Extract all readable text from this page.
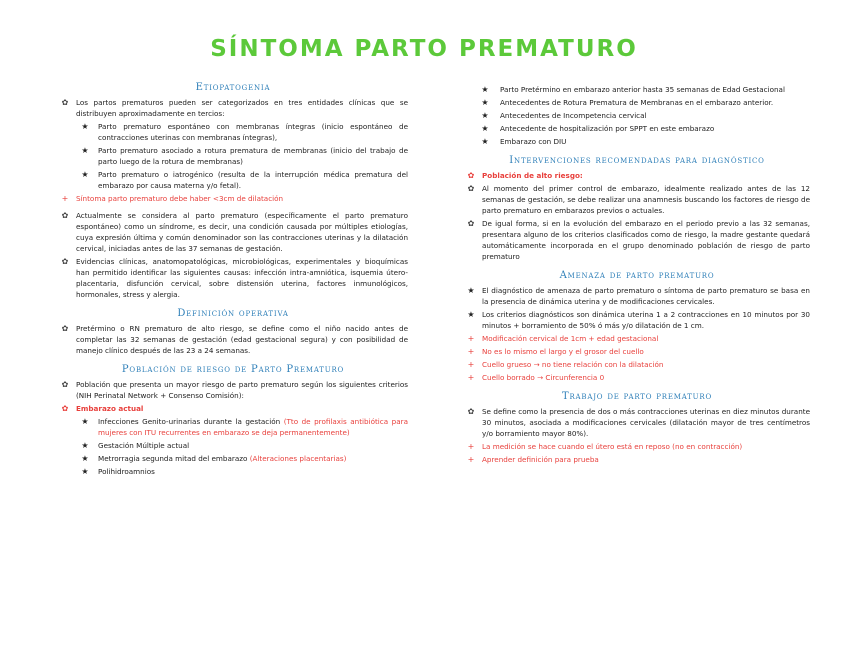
SÍNTOMA PARTO PREMATURO
Etiopatogenia
✿	Los partos prematuros pueden ser categorizados en tres entidades clínicas que se distribuyen aproximadamente en tercios:
★	Parto prematuro espontáneo con membranas íntegras (inicio espontáneo de contracciones uterinas con membranas íntegras),
★	Parto prematuro asociado a rotura prematura de membranas (inicio del trabajo de parto luego de la rotura de membranas)
★	Parto prematuro o iatrogénico (resulta de la interrupción médica prematura del embarazo por causa materna y/o fetal).
+	Síntoma parto prematuro debe haber <3cm de dilatación
✿	Actualmente se considera al parto prematuro (específicamente el parto prematuro espontáneo) como un síndrome, es decir, una condición causada por múltiples etiologías, cuya expresión última y común denominador son las contracciones uterinas y la dilatación cervical, iniciadas antes de las 37 semanas de gestación.
✿	Evidencias clínicas, anatomopatológicas, microbiológicas, experimentales y bioquímicas han permitido identificar las siguientes causas: infección intra-amniótica, isquemia útero-placentaria, disfunción cervical, sobre distensión uterina, factores inmunológicos, hormonales, stress y alergia.
Definición operativa
✿	Pretérmino o RN prematuro de alto riesgo, se define como el niño nacido antes de completar las 32 semanas de gestación (edad gestacional segura) y con posibilidad de manejo clínico después de las 23 a 24 semanas.
Población de riesgo de Parto Prematuro
✿	Población que presenta un mayor riesgo de parto prematuro según los siguientes criterios (NIH Perinatal Network + Consenso Comisión):
✿	Embarazo actual
★	Infecciones Genito-urinarias durante la gestación (Tto de profilaxis antibiótica para mujeres con ITU recurrentes en embarazo se deja permanentemente)
★	Gestación Múltiple actual
★	Metrorragia segunda mitad del embarazo (Alteraciones placentarias)
★	Polihidroamnios
★	Parto Pretérmino en embarazo anterior hasta 35 semanas de Edad Gestacional
★	Antecedentes de Rotura Prematura de Membranas en el embarazo anterior.
★	Antecedentes de Incompetencia cervical
★	Antecedente de hospitalización por SPPT en este embarazo
★	Embarazo con DIU
Intervenciones recomendadas para diagnóstico
✿	Población de alto riesgo:
✿	Al momento del primer control de embarazo, idealmente realizado antes de las 12 semanas de gestación, se debe realizar una anamnesis buscando los factores de riesgo de parto prematuro en embarazos previos o actuales.
✿	De igual forma, si en la evolución del embarazo en el periodo previo a las 32 semanas, presentara alguno de los criterios clasificados como de riesgo, la madre gestante quedará automáticamente incorporada en el grupo denominado población de riesgo de parto prematuro
Amenaza de parto prematuro
★	El diagnóstico de amenaza de parto prematuro o síntoma de parto prematuro se basa en la presencia de dinámica uterina y de modificaciones cervicales.
★	Los criterios diagnósticos son dinámica uterina 1 a 2 contracciones en 10 minutos por 30 minutos + borramiento de 50% ó más y/o dilatación de 1 cm.
+	Modificación cervical de 1cm + edad gestacional
+	No es lo mismo el largo y el grosor del cuello
+	Cuello grueso → no tiene relación con la dilatación
+	Cuello borrado → Circunferencia 0
Trabajo de parto prematuro
✿	Se define como la presencia de dos o más contracciones uterinas en diez minutos durante 30 minutos, asociada a modificaciones cervicales (dilatación mayor de tres centímetros y/o borramiento mayor 80%).
+	La medición se hace cuando el útero está en reposo (no en contracción)
+	Aprender definición para prueba
